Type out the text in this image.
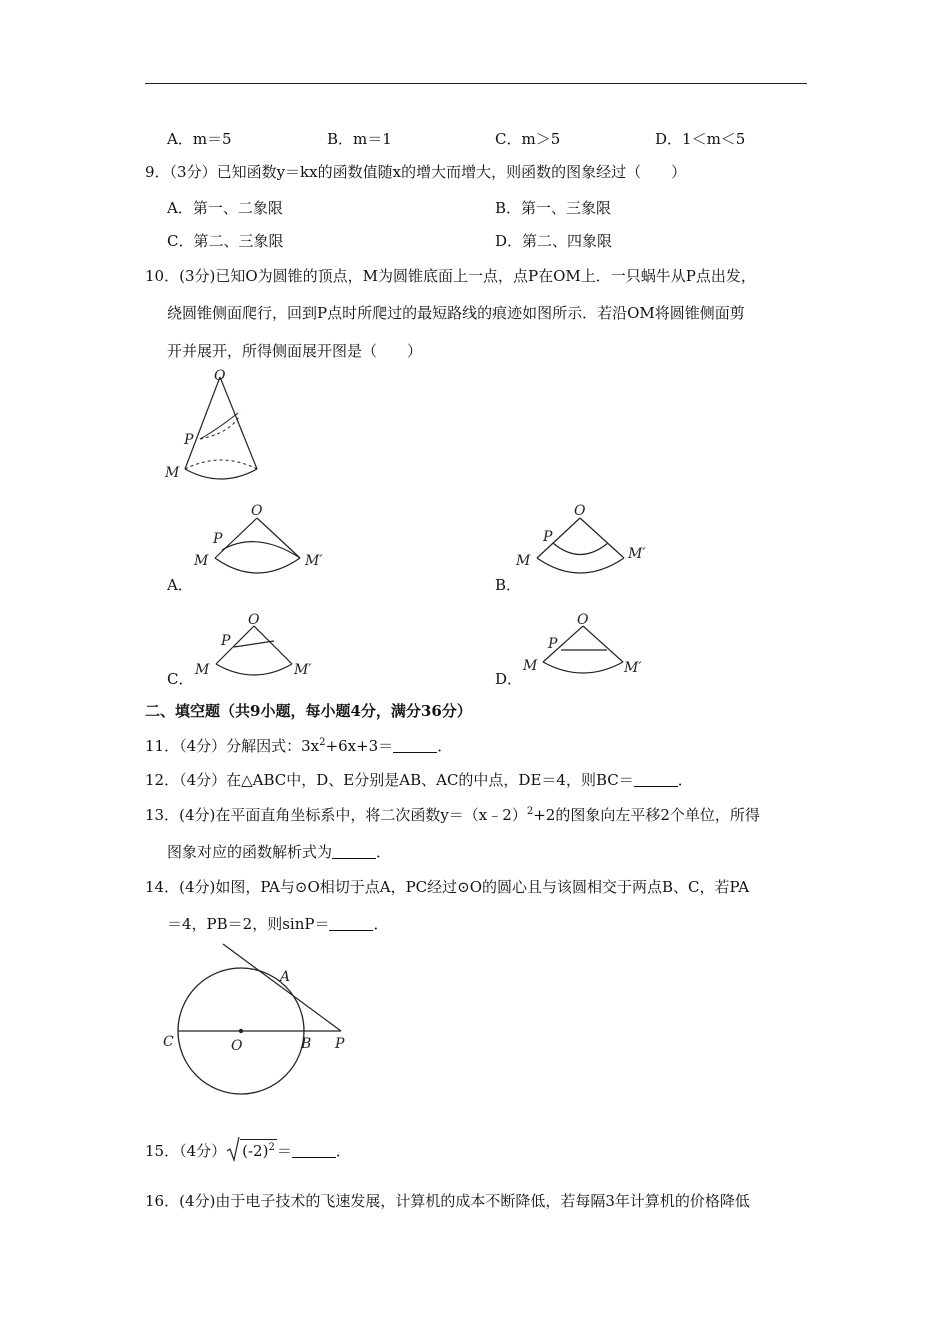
A．m＝5	B．m＝1	C．m＞5	D．1＜m＜5
9．（3分）已知函数y＝kx的函数值随x的增大而增大，则函数的图象经过（　　）
A．第一、二象限	B．第一、三象限
C．第二、三象限	D．第二、四象限
10．(3分)已知O为圆锥的顶点，M为圆锥底面上一点，点P在OM上．一只蜗牛从P点出发，
绕圆锥侧面爬行，回到P点时所爬过的最短路线的痕迹如图所示．若沿OM将圆锥侧面剪
开并展开，所得侧面展开图是（　　）
O
P
M
O
P
M	M′
A．
O
P
M	M′
B．
O
P
M	M′
C．
O
P
M	M′
D．
二、填空题（共9小题，每小题4分，满分36分）
11．（4分）分解因式：$3x^2+6x+3=$	．
12．（4分）在△ABC中，D、E分别是AB、AC的中点，DE＝4，则BC＝	．
13．(4分)在平面直角坐标系中，将二次函数y＝（x﹣2）$^2$+2的图象向左平移2个单位，所得
图象对应的函数解析式为	．
14．(4分)如图，PA与⊙O相切于点A，PC经过⊙O的圆心且与该圆相交于两点B、C，若PA
＝4，PB＝2，则sinP＝	．
A
C	O	B P
15．（4分） $(-2)^2$ ＝	．
16．(4分)由于电子技术的飞速发展，计算机的成本不断降低，若每隔3年计算机的价格降低
